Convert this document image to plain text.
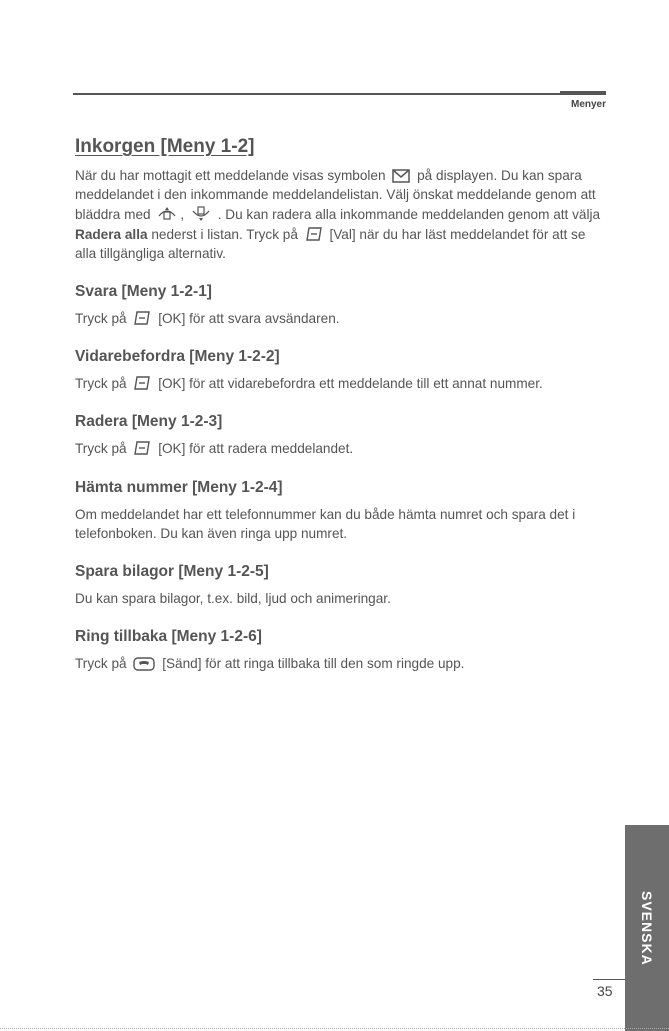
Menyer
Inkorgen [Meny 1-2]

När du har mottagit ett meddelande visas symbolen på displayen. Du kan spara meddelandet i den inkommande meddelandelistan. Välj önskat meddelande genom att bläddra med , . Du kan radera alla inkommande meddelanden genom att välja Radera alla nederst i listan. Tryck på [Val] när du har läst meddelandet för att se alla tillgängliga alternativ.

Svara [Meny 1-2-1]

Tryck på [OK] för att svara avsändaren.

Vidarebefordra [Meny 1-2-2]

Tryck på [OK] för att vidarebefordra ett meddelande till ett annat nummer.

Radera [Meny 1-2-3]

Tryck på [OK] för att radera meddelandet.

Hämta nummer [Meny 1-2-4]

Om meddelandet har ett telefonnummer kan du både hämta numret och spara det i telefonboken. Du kan även ringa upp numret.

Spara bilagor [Meny 1-2-5]

Du kan spara bilagor, t.ex. bild, ljud och animeringar.

Ring tillbaka [Meny 1-2-6]

Tryck på	[Sänd] för att ringa tillbaka till den som ringde upp.

SVENSKA
35
